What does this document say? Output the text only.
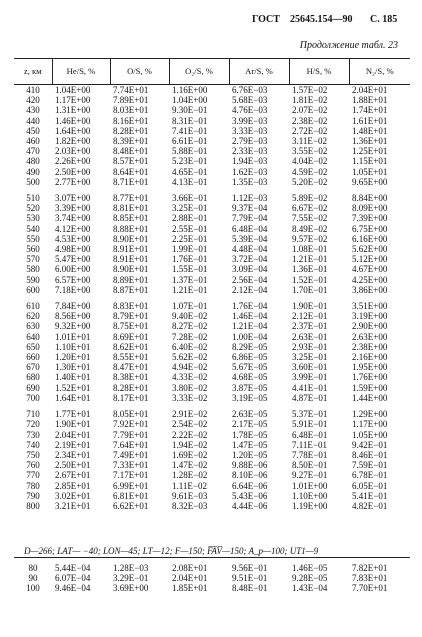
ГОСТ 25645.154—90 С. 185
Продолжение табл. 23
z, км	He/S, %	O/S, %	O₂/S, %	Ar/S, %	H/S, %	N₂/S, %
410	1.04E+00	7.74E+01	1.16E+00	6.76E−03	1.57E−02	2.04E+01
420	1.17E+00	7.89E+01	1.04E+00	5.68E−03	1.81E−02	1.88E+01
430	1.31E+00	8.03E+01	9.30E−01	4.76E−03	2.07E−02	1.74E+01
440	1.46E+00	8.16E+01	8.31E−01	3.99E−03	2.38E−02	1.61E+01
450	1.64E+00	8.28E+01	7.41E−01	3.33E−03	2.72E−02	1.48E+01
460	1.82E+00	8.39E+01	6.61E−01	2.79E−03	3.11E−02	1.36E+01
470	2.03E+00	8.48E+01	5.88E−01	2.33E−03	3.55E−02	1.25E+01
480	2.26E+00	8.57E+01	5.23E−01	1.94E−03	4.04E−02	1.15E+01
490	2.50E+00	8.64E+01	4.65E−01	1.62E−03	4.59E−02	1.05E+01
500	2.77E+00	8.71E+01	4.13E−01	1.35E−03	5.20E−02	9.65E+00

510	3.07E+00	8.77E+01	3.66E−01	1.12E−03	5.89E−02	8.84E+00
520	3.39E+00	8.81E+01	3.25E−01	9.37E−04	6.67E−02	8.09E+00
530	3.74E+00	8.85E+01	2.88E−01	7.79E−04	7.55E−02	7.39E+00
540	4.12E+00	8.88E+01	2.55E−01	6.48E−04	8.49E−02	6.75E+00
550	4.53E+00	8.90E+01	2.25E−01	5.39E−04	9.57E−02	6.16E+00
560	4.98E+00	8.91E+01	1.99E−01	4.48E−04	1.08E−01	5.62E+00
570	5.47E+00	8.91E+01	1.76E−01	3.72E−04	1.21E−01	5.12E+00
580	6.00E+00	8.90E+01	1.55E−01	3.09E−04	1.36E−01	4.67E+00
590	6.57E+00	8.89E+01	1.37E−01	2.56E−04	1.52E−01	4.25E+00
600	7.18E+00	8.87E+01	1.21E−01	2.12E−04	1.70E−01	3.86E+00

610	7.84E+00	8.83E+01	1.07E−01	1.76E−04	1.90E−01	3.51E+00
620	8.56E+00	8.79E+01	9.40E−02	1.46E−04	2.12E−01	3.19E+00
630	9.32E+00	8.75E+01	8.27E−02	1.21E−04	2.37E−01	2.90E+00
640	1.01E+01	8.69E+01	7.28E−02	1.00E−04	2.63E−01	2.63E+00
650	1.10E+01	8.62E+01	6.40E−02	8.29E−05	2.93E−01	2.38E+00
660	1.20E+01	8.55E+01	5.62E−02	6.86E−05	3.25E−01	2.16E+00
670	1.30E+01	8.47E+01	4.94E−02	5.67E−05	3.60E−01	1.95E+00
680	1.40E+01	8.38E+01	4.33E−02	4.68E−05	3.99E−01	1.76E+00
690	1.52E+01	8.28E+01	3.80E−02	3.87E−05	4.41E−01	1.59E+00
700	1.64E+01	8.17E+01	3.33E−02	3.19E−05	4.87E−01	1.44E+00

710	1.77E+01	8.05E+01	2.91E−02	2.63E−05	5.37E−01	1.29E+00
720	1.90E+01	7.92E+01	2.54E−02	2.17E−05	5.91E−01	1.17E+00
730	2.04E+01	7.79E+01	2.22E−02	1.78E−05	6.48E−01	1.05E+00
740	2.19E+01	7.64E+01	1.94E−02	1.47E−05	7.11E−01	9.42E−01
750	2.34E+01	7.49E+01	1.69E−02	1.20E−05	7.78E−01	8.46E−01
760	2.50E+01	7.33E+01	1.47E−02	9.88E−06	8.50E−01	7.59E−01
770	2.67E+01	7.17E+01	1.28E−02	8.10E−06	9.27E−01	6.78E−01
780	2.85E+01	6.99E+01	1.11E−02	6.64E−06	1.01E+00	6.05E−01
790	3.02E+01	6.81E+01	9.61E−03	5.43E−06	1.10E+00	5.41E−01
800	3.21E+01	6.62E+01	8.32E−03	4.44E−06	1.19E+00	4.82E−01
D—266; LAT— −40; LON—45; LT—12; F—150; F̅A̅V̅—150; A_p—100; UT1—9
80	5.44E−04	1.28E−03	2.08E+01	9.56E−01	1.46E−05	7.82E+01
90	6.07E−04	3.29E−01	2.04E+01	9.51E−01	9.28E−05	7.83E+01
100	9.46E−04	3.69E+00	1.85E+01	8.48E−01	1.43E−04	7.70E+01
